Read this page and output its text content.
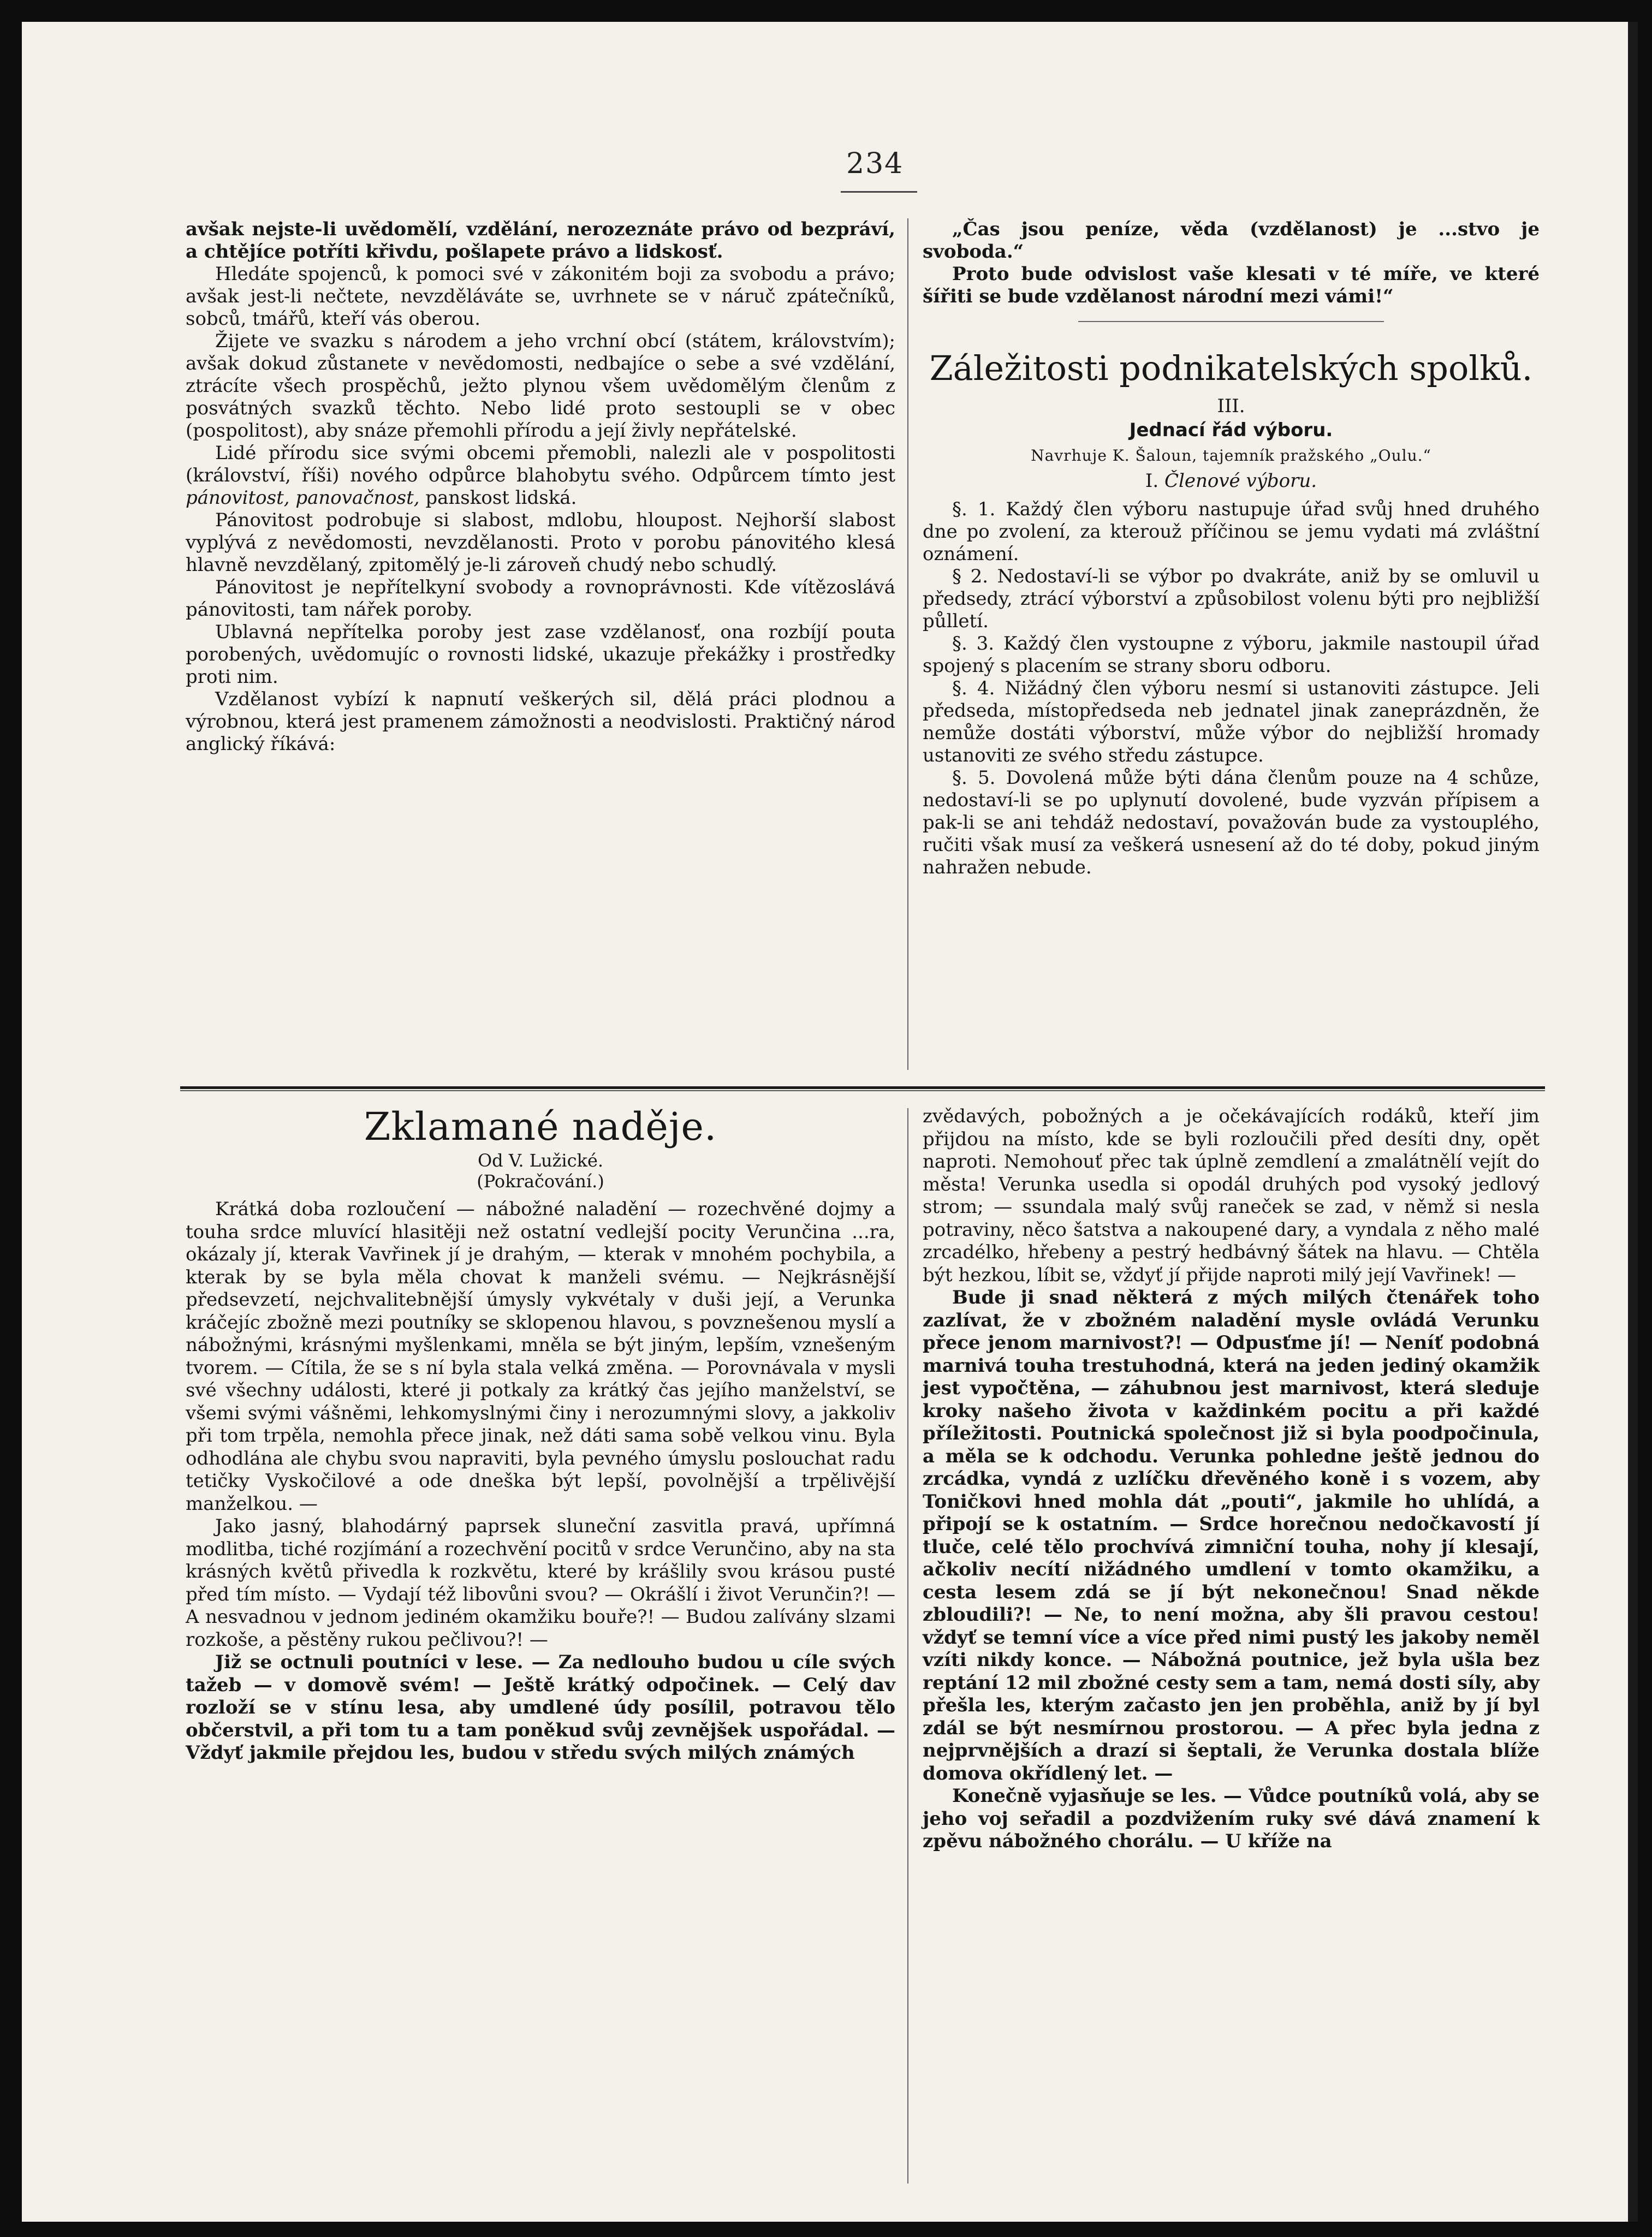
234

avšak nejste-li uvědomělí, vzdělání, nerozeznáte právo od bezpráví, a chtějíce potříti křivdu, pošlapete právo a lidskosť.

Hledáte spojenců, k pomoci své v zákonitém boji za svobodu a právo; avšak jest-li nečtete, nevzděláváte se, uvrhnete se v náruč zpátečníků, sobců, tmářů, kteří vás oberou.

Žijete ve svazku s národem a jeho vrchní obcí (státem, královstvím); avšak dokud zůstanete v nevědomosti, nedbajíce o sebe a své vzdělání, ztrácíte všech prospěchů, ježto plynou všem uvědomělým členům z posvátných svazků těchto. Nebo lidé proto sestoupli se v obec (pospolitost), aby snáze přemohli přírodu a její živly nepřátelské.

Lidé přírodu sice svými obcemi přemobli, nalezli ale v pospolitosti (království, říši) nového odpůrce blahobytu svého. Odpůrcem tímto jest pánovitost, panovačnost, panskost lidská.

Pánovitost podrobuje si slabost, mdlobu, hloupost. Nejhorší slabost vyplývá z nevědomosti, nevzdělanosti. Proto v porobu pánovitého klesá hlavně nevzdělaný, zpitomělý je-li zároveň chudý nebo schudlý.

Pánovitost je nepřítelkyní svobody a rovnoprávnosti. Kde vítězoslává pánovitosti, tam nářek poroby.

Ublavná nepřítelka poroby jest zase vzdělanosť, ona rozbíjí pouta porobených, uvědomujíc o rovnosti lidské, ukazuje překážky i prostředky proti nim.

Vzdělanost vybízí k napnutí veškerých sil, dělá práci plodnou a výrobnou, která jest pramenem zámožnosti a neodvislosti. Praktičný národ anglický říkává:

„Čas jsou peníze, věda (vzdělanost) je ...stvo je svoboda.“

Proto bude odvislost vaše klesati v té míře, ve které šířiti se bude vzdělanost národní mezi vámi!“

Záležitosti podnikatelských spolků.
III.
Jednací řád výboru.
Navrhuje K. Šaloun, tajemník pražského „Oulu.“
I. Členové výboru.

§. 1. Každý člen výboru nastupuje úřad svůj hned druhého dne po zvolení, za kterouž příčinou se jemu vydati má zvláštní oznámení.

§ 2. Nedostaví-li se výbor po dvakráte, aniž by se omluvil u předsedy, ztrácí výborství a způsobilost volenu býti pro nejbližší půlletí.

§. 3. Každý člen vystoupne z výboru, jakmile nastoupil úřad spojený s placením se strany sboru odboru.

§. 4. Nižádný člen výboru nesmí si ustanoviti zástupce. Jeli předseda, místopředseda neb jednatel jinak zaneprázdněn, že nemůže dostáti výborství, může výbor do nejbližší hromady ustanoviti ze svého středu zástupce.

§. 5. Dovolená může býti dána členům pouze na 4 schůze, nedostaví-li se po uplynutí dovolené, bude vyzván přípisem a pak-li se ani tehdáž nedostaví, považován bude za vystouplého, ručiti však musí za veškerá usnesení až do té doby, pokud jiným nahražen nebude.

Zklamané naděje.
Od V. Lužické.
(Pokračování.)

Krátká doba rozloučení — nábožné naladění — rozechvěné dojmy a touha srdce mluvící hlasitěji než ostatní vedlejší pocity Verunčina ...ra, okázaly jí, kterak Vavřinek jí je drahým, — kterak v mnohém pochybila, a kterak by se byla měla chovat k manželi svému. — Nejkrásnější předsevzetí, nejchvalitebnější úmysly vykvétaly v duši její, a Verunka kráčejíc zbožně mezi poutníky se sklopenou hlavou, s povznešenou myslí a nábožnými, krásnými myšlenkami, mněla se být jiným, lepším, vznešeným tvorem. — Cítila, že se s ní byla stala velká změna. — Porovnávala v mysli své všechny události, které ji potkaly za krátký čas jejího manželství, se všemi svými vášněmi, lehkomyslnými činy i nerozumnými slovy, a jakkoliv při tom trpěla, nemohla přece jinak, než dáti sama sobě velkou vinu. Byla odhodlána ale chybu svou napraviti, byla pevného úmyslu poslouchat radu tetičky Vyskočilové a ode dneška být lepší, povolnější a trpělivější manželkou. —

Jako jasný, blahodárný paprsek sluneční zasvitla pravá, upřímná modlitba, tiché rozjímání a rozechvění pocitů v srdce Verunčino, aby na sta krásných květů přivedla k rozkvětu, které by krášlily svou krásou pusté před tím místo. — Vydají též libovůni svou? — Okrášlí i život Verunčin?! — A nesvadnou v jednom jediném okamžiku bouře?! — Budou zalívány slzami rozkoše, a pěstěny rukou pečlivou?! —

Již se octnuli poutníci v lese. — Za nedlouho budou u cíle svých tažeb — v domově svém! — Ještě krátký odpočinek. — Celý dav rozloží se v stínu lesa, aby umdlené údy posílil, potravou tělo občerstvil, a při tom tu a tam poněkud svůj zevnějšek uspořádal. — Vždyť jakmile přejdou les, budou v středu svých milých známých

zvědavých, pobožných a je očekávajících rodáků, kteří jim přijdou na místo, kde se byli rozloučili před desíti dny, opět naproti. Nemohouť přec tak úplně zemdlení a zmalátnělí vejít do města! Verunka usedla si opodál druhých pod vysoký jedlový strom; — ssundala malý svůj raneček se zad, v němž si nesla potraviny, něco šatstva a nakoupené dary, a vyndala z něho malé zrcadélko, hřebeny a pestrý hedbávný šátek na hlavu. — Chtěla být hezkou, líbit se, vždyť jí přijde naproti milý její Vavřinek! —

Bude ji snad některá z mých milých čtenářek toho zazlívat, že v zbožném naladění mysle ovládá Verunku přece jenom marnivost?! — Odpusťme jí! — Neníť podobná marnivá touha trestuhodná, která na jeden jediný okamžik jest vypočtěna, — záhubnou jest marnivost, která sleduje kroky našeho života v každinkém pocitu a při každé příležitosti. Poutnická společnost již si byla poodpočinula, a měla se k odchodu. Verunka pohledne ještě jednou do zrcádka, vyndá z uzlíčku dřevěného koně i s vozem, aby Toničkovi hned mohla dát „pouti“, jakmile ho uhlídá, a připojí se k ostatním. — Srdce horečnou nedočkavostí jí tluče, celé tělo prochvívá zimniční touha, nohy jí klesají, ačkoliv necítí nižádného umdlení v tomto okamžiku, a cesta lesem zdá se jí být nekonečnou! Snad někde zbloudili?! — Ne, to není možna, aby šli pravou cestou! vždyť se temní více a více před nimi pustý les jakoby neměl vzíti nikdy konce. — Nábožná poutnice, jež byla ušla bez reptání 12 mil zbožné cesty sem a tam, nemá dosti síly, aby přešla les, kterým začasto jen jen proběhla, aniž by jí byl zdál se být nesmírnou prostorou. — A přec byla jedna z nejprvnějších a drazí si šeptali, že Verunka dostala blíže domova okřídlený let. —

Konečně vyjasňuje se les. — Vůdce poutníků volá, aby se jeho voj seřadil a pozdvižením ruky své dává znamení k zpěvu nábožného chorálu. — U kříže na
